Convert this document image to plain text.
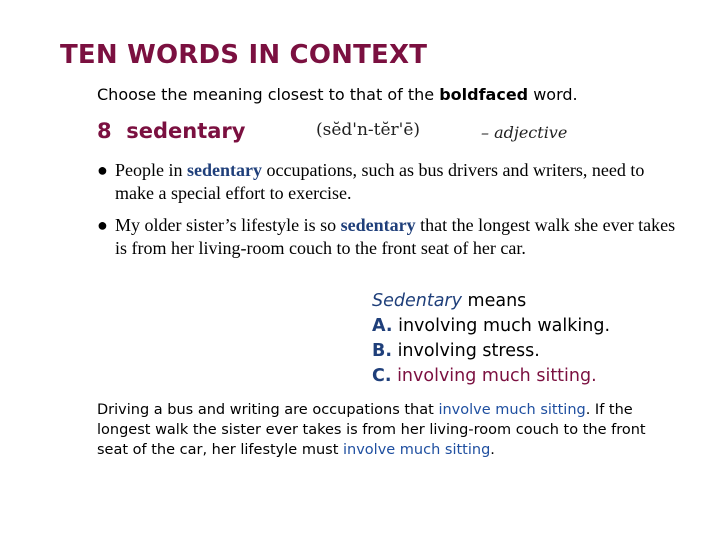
TEN WORDS IN CONTEXT
Choose the meaning closest to that of the boldfaced word.
8 sedentary	(sĕd'n-tĕr'ē)	– adjective
● People in sedentary occupations, such as bus drivers and writers, need to make a special effort to exercise.
● My older sister’s lifestyle is so sedentary that the longest walk she ever takes is from her living-room couch to the front seat of her car.
Sedentary means
A. involving much walking.
B. involving stress.
C. involving much sitting.
Driving a bus and writing are occupations that involve much sitting. If the longest walk the sister ever takes is from her living-room couch to the front seat of the car, her lifestyle must involve much sitting.
